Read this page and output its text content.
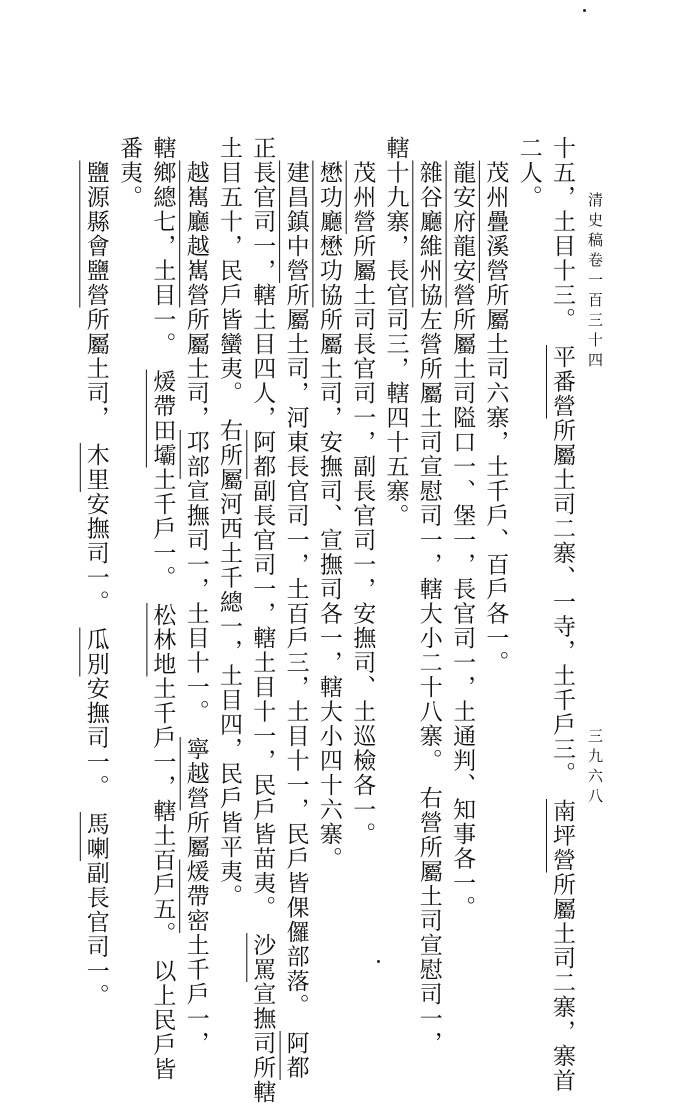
清史稿卷一百三十四
三九六八
十五，土目十三。　平番營所屬土司二寨、一寺，土千戶三。　南坪營所屬土司二寨，寨首
二人。
　茂州疊溪營所屬土司六寨，土千戶、百戶各一。
　龍安府龍安營所屬土司隘口一、堡一，長官司一，土通判、知事各一。
　雜谷廳維州協左營所屬土司宣慰司一，轄大小二十八寨。　右營所屬土司宣慰司一，
轄十九寨，長官司三，轄四十五寨。
　茂州營所屬土司長官司一，副長官司一，安撫司、土巡檢各一。
　懋功廳懋功協所屬土司，安撫司、宣撫司各一，轄大小四十六寨。
　建昌鎮中營所屬土司，河東長官司一，土百戶三，土目十一，民戶皆倮儸部落。　阿都
正長官司一，轄土目四人，阿都副長官司一，轄土目十一，民戶皆苗夷。　沙罵宣撫司所轄
土目五十，民戶皆蠻夷。　右所屬河西土千總一，土目四，民戶皆平夷。
　越嶲廳越嶲營所屬土司，邛部宣撫司一，土目十一。　寧越營所屬煖帶密土千戶一，
轄鄉總七，土目一。　煖帶田壩土千戶一。　松林地土千戶一，轄土百戶五。　以上民戶皆
番夷。
　鹽源縣會鹽營所屬土司，　木里安撫司一。　瓜別安撫司一。　馬喇副長官司一。
